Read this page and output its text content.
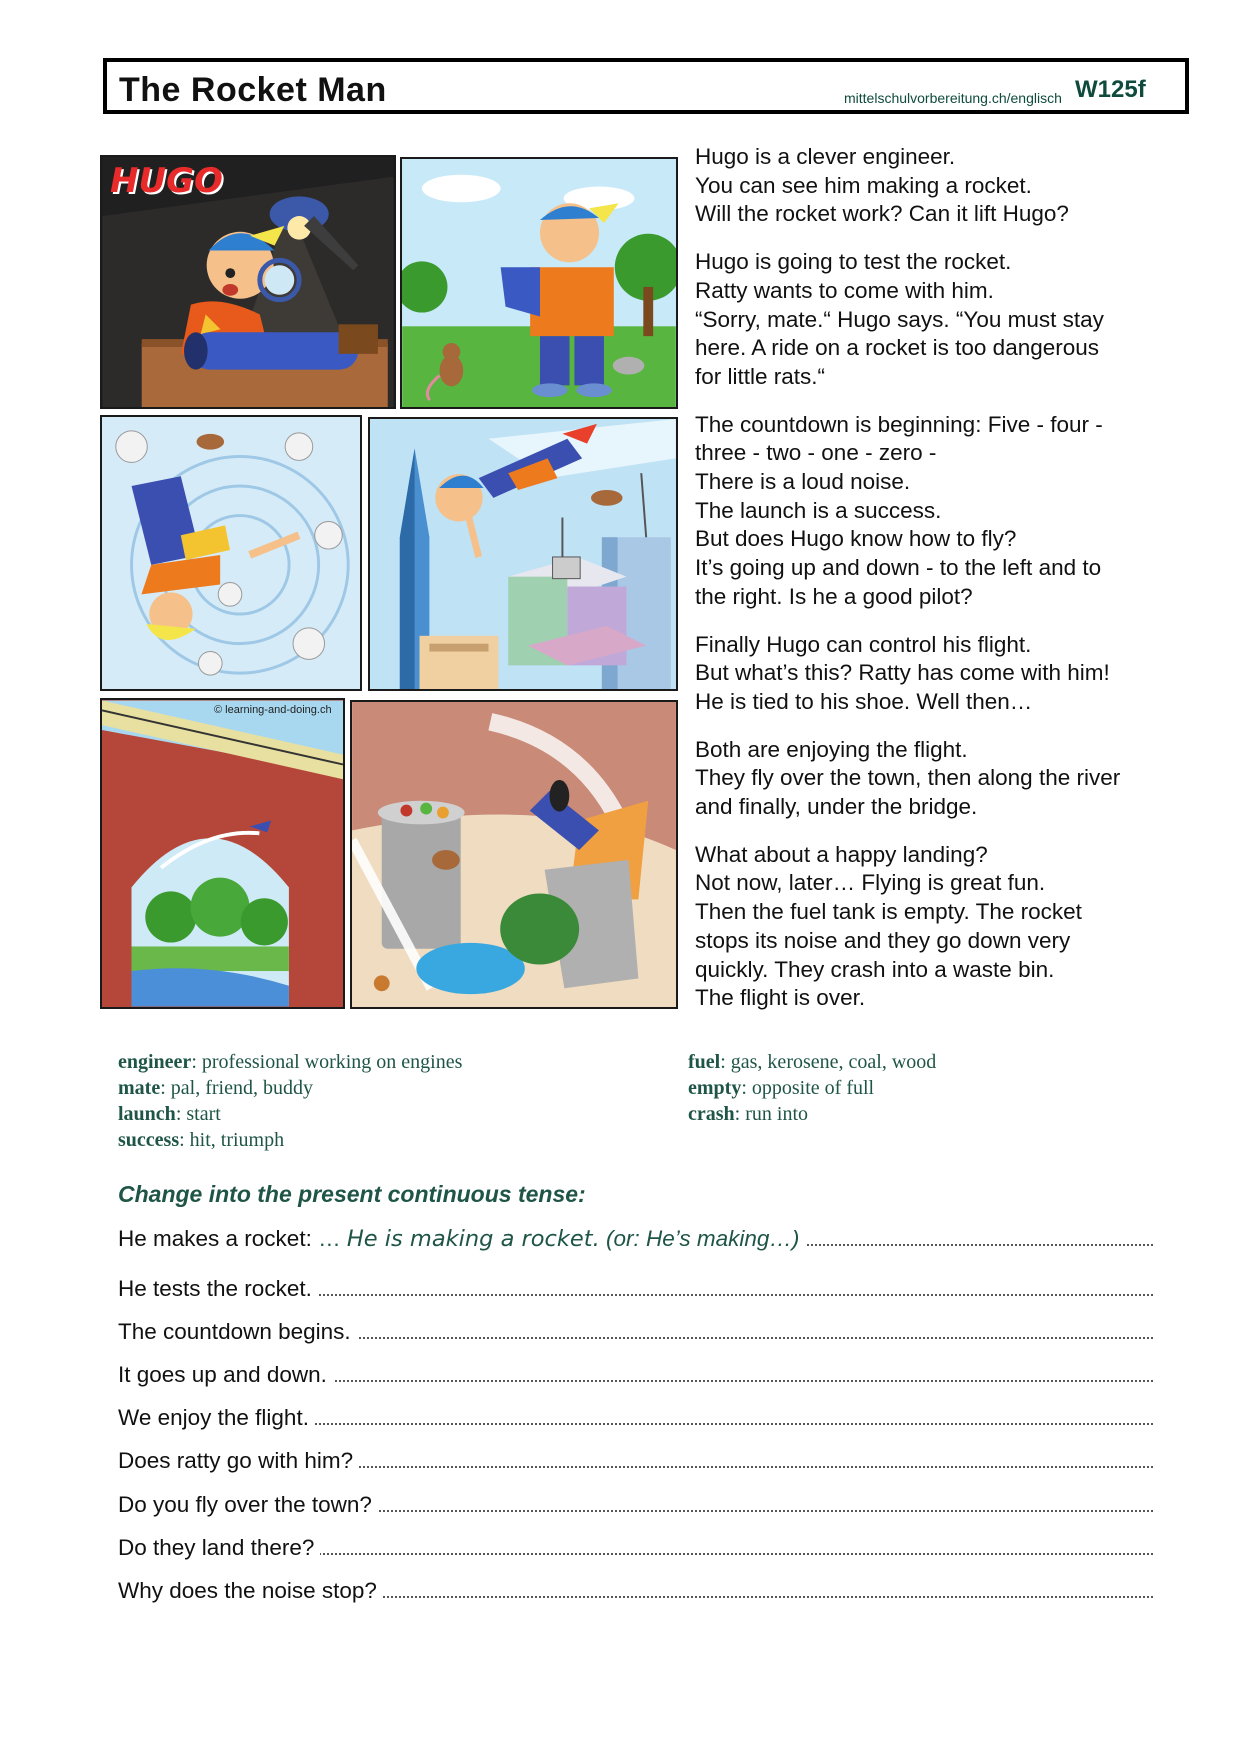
The Rocket Man	mittelschulvorbereitung.ch/englisch W125f
HUGO
© learning-and-doing.ch

Hugo is a clever engineer.
You can see him making a rocket.
Will the rocket work? Can it lift Hugo?

Hugo is going to test the rocket.
Ratty wants to come with him.
“Sorry, mate.“ Hugo says. “You must stay
here. A ride on a rocket is too dangerous
for little rats.“

The countdown is beginning: Five - four -
three - two - one - zero -
There is a loud noise.
The launch is a success.
But does Hugo know how to fly?
It’s going up and down - to the left and to
the right. Is he a good pilot?

Finally Hugo can control his flight.
But what’s this? Ratty has come with him!
He is tied to his shoe. Well then…

Both are enjoying the flight.
They fly over the town, then along the river
and finally, under the bridge.

What about a happy landing?
Not now, later… Flying is great fun.
Then the fuel tank is empty. The rocket
stops its noise and they go down very
quickly. They crash into a waste bin.
The flight is over.

engineer: professional working on engines
mate: pal, friend, buddy
launch: start
success: hit, triumph
fuel: gas, kerosene, coal, wood
empty: opposite of full
crash: run into
Change into the present continuous tense:
He makes a rocket: … He is making a rocket. (or: He’s making…)
He tests the rocket.
The countdown begins.
It goes up and down.
We enjoy the flight.
Does ratty go with him?
Do you fly over the town?
Do they land there?
Why does the noise stop?
